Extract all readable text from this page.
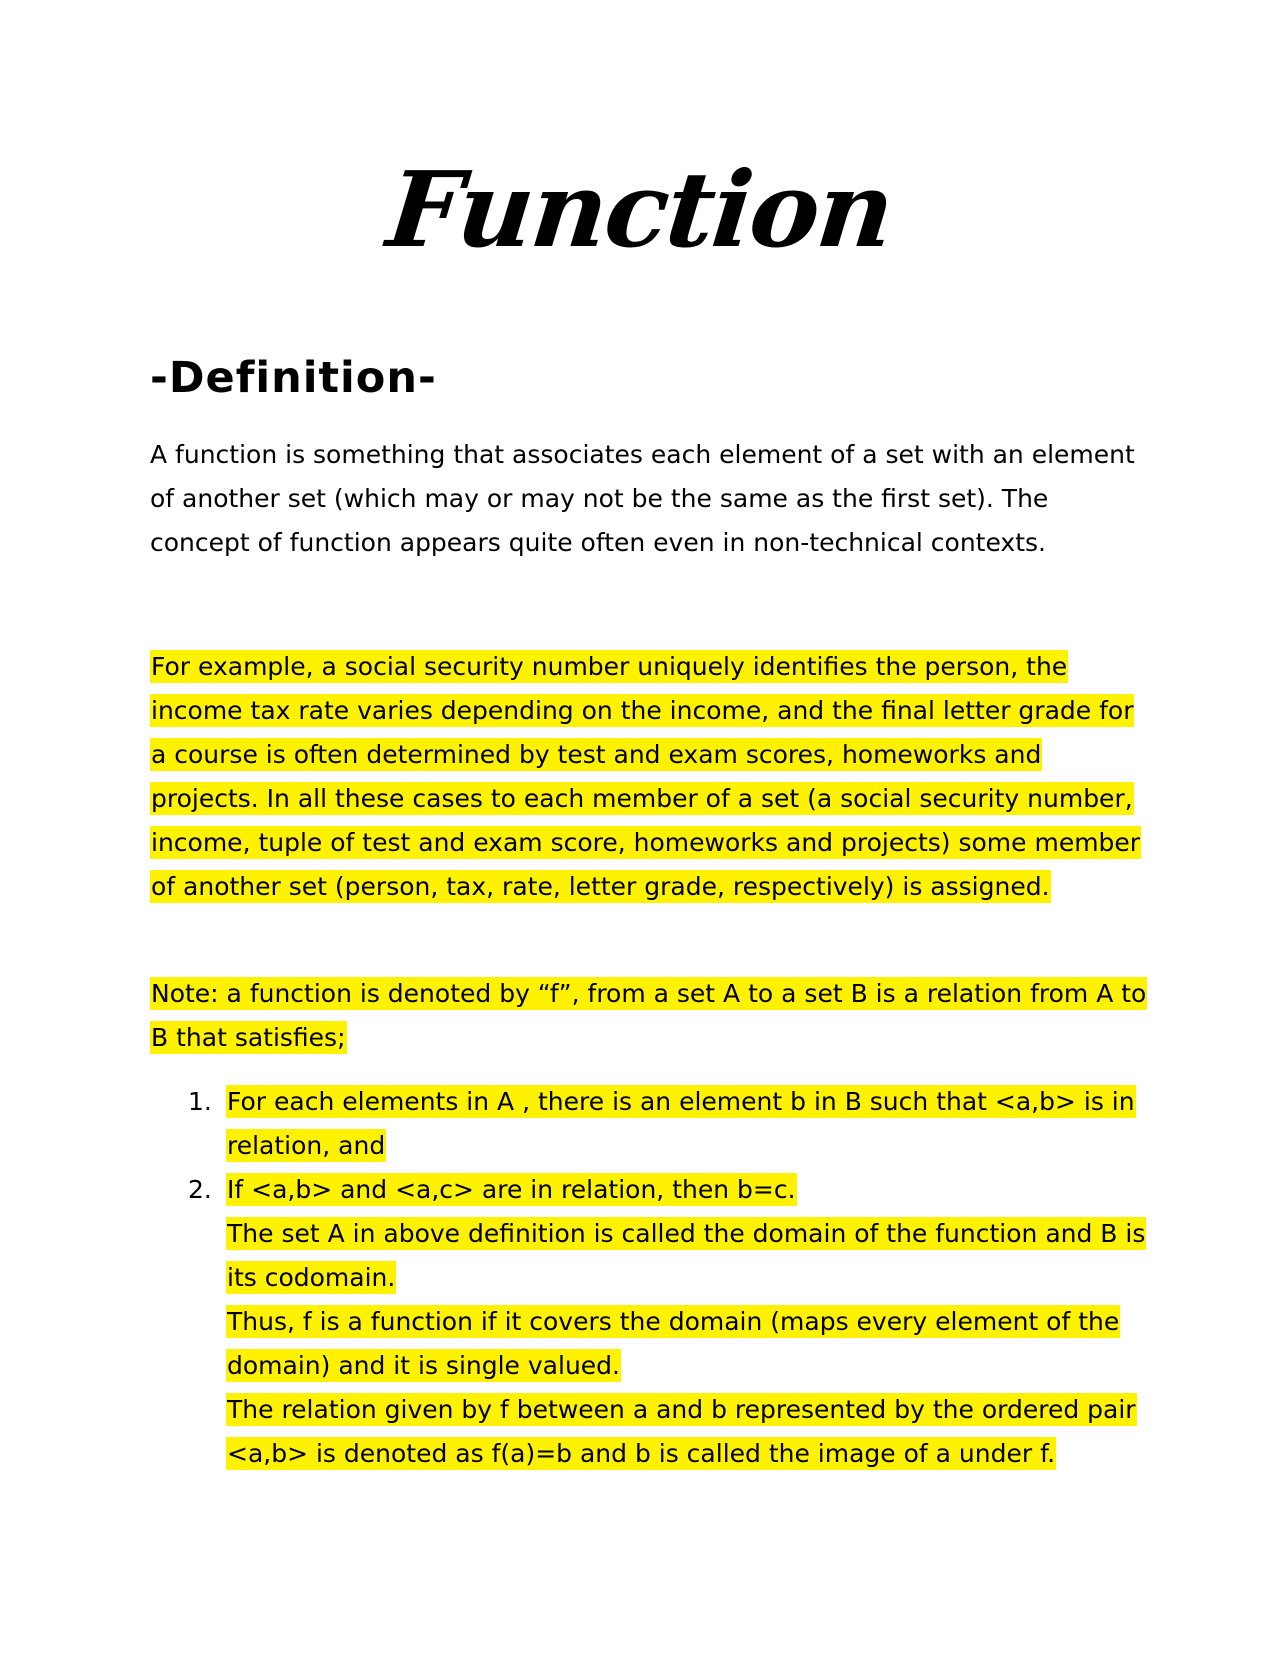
Function
-Definition-
A function is something that associates each element of a set with an element of another set (which may or may not be the same as the first set). The concept of function appears quite often even in non-technical contexts.
For example, a social security number uniquely identifies the person, the income tax rate varies depending on the income, and the final letter grade for a course is often determined by test and exam scores, homeworks and projects. In all these cases to each member of a set (a social security number, income, tuple of test and exam score, homeworks and projects) some member of another set (person, tax, rate, letter grade, respectively) is assigned.
Note: a function is denoted by “f”, from a set A to a set B is a relation from A to B that satisfies;
1. For each elements in A , there is an element b in B such that <a,b> is in relation, and
2. If <a,b> and <a,c> are in relation, then b=c.
The set A in above definition is called the domain of the function and B is its codomain.
Thus, f is a function if it covers the domain (maps every element of the domain) and it is single valued.
The relation given by f between a and b represented by the ordered pair <a,b> is denoted as f(a)=b and b is called the image of a under f.
